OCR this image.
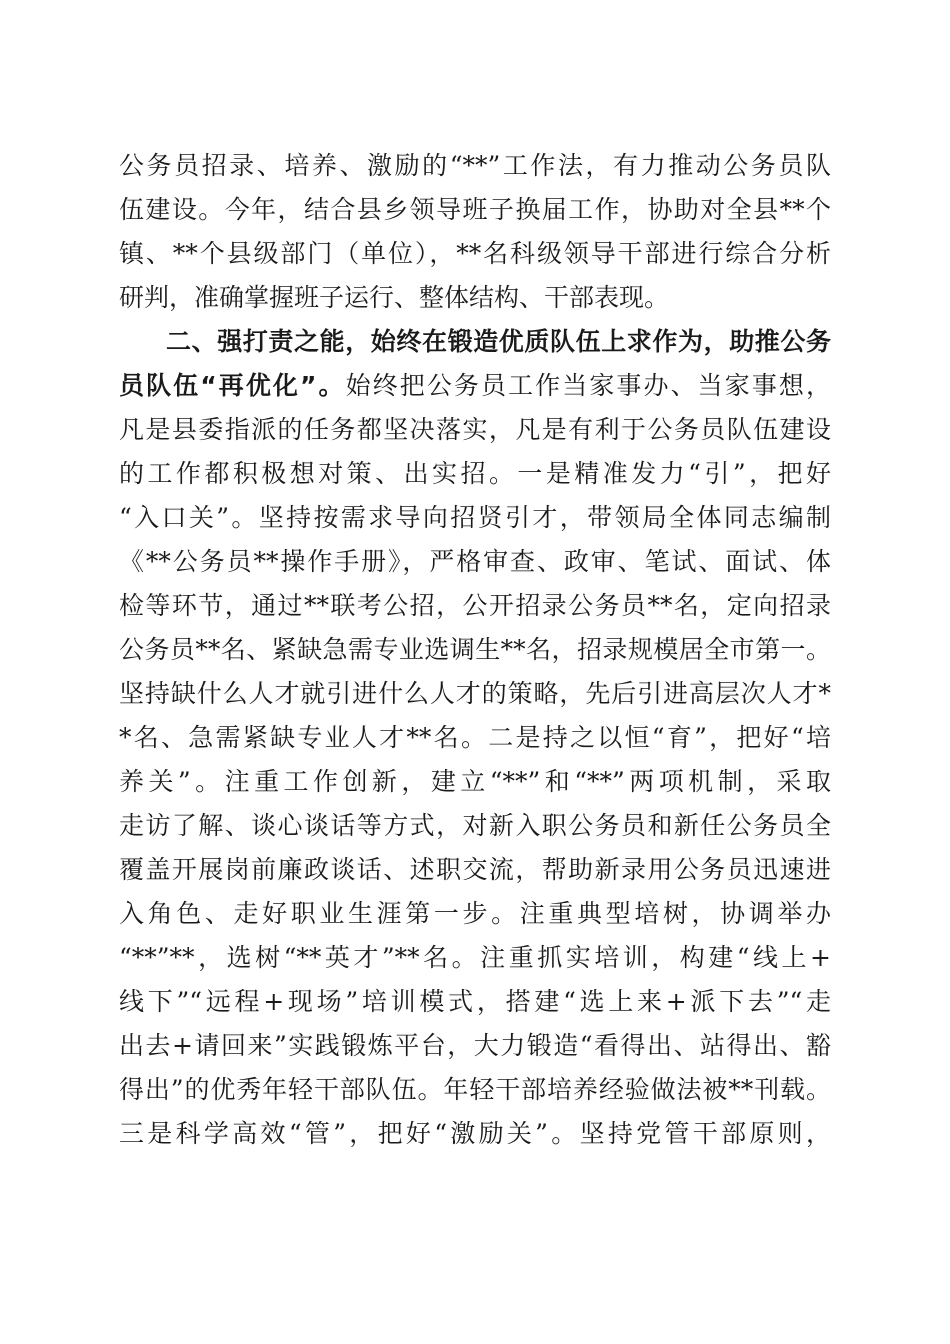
公务员招录、培养、激励的“**”工作法，有力推动公务员队
伍建设。今年，结合县乡领导班子换届工作，协助对全县**个
镇、**个县级部门（单位），**名科级领导干部进行综合分析
研判，准确掌握班子运行、整体结构、干部表现。
二、强打责之能，始终在锻造优质队伍上求作为，助推公务
员队伍“再优化”。始终把公务员工作当家事办、当家事想，
凡是县委指派的任务都坚决落实，凡是有利于公务员队伍建设
的工作都积极想对策、出实招。一是精准发力“引”，把好
“入口关”。坚持按需求导向招贤引才，带领局全体同志编制
《**公务员**操作手册》，严格审查、政审、笔试、面试、体
检等环节，通过**联考公招，公开招录公务员**名，定向招录
公务员**名、紧缺急需专业选调生**名，招录规模居全市第一。
坚持缺什么人才就引进什么人才的策略，先后引进高层次人才*
*名、急需紧缺专业人才**名。二是持之以恒“育”，把好“培
养关”。注重工作创新，建立“**”和“**”两项机制，采取
走访了解、谈心谈话等方式，对新入职公务员和新任公务员全
覆盖开展岗前廉政谈话、述职交流，帮助新录用公务员迅速进
入角色、走好职业生涯第一步。注重典型培树，协调举办
“**”**，选树“**英才”**名。注重抓实培训，构建“线上+
线下”“远程+现场”培训模式，搭建“选上来+派下去”“走
出去+请回来”实践锻炼平台，大力锻造“看得出、站得出、豁
得出”的优秀年轻干部队伍。年轻干部培养经验做法被**刊载。
三是科学高效“管”，把好“激励关”。坚持党管干部原则，
